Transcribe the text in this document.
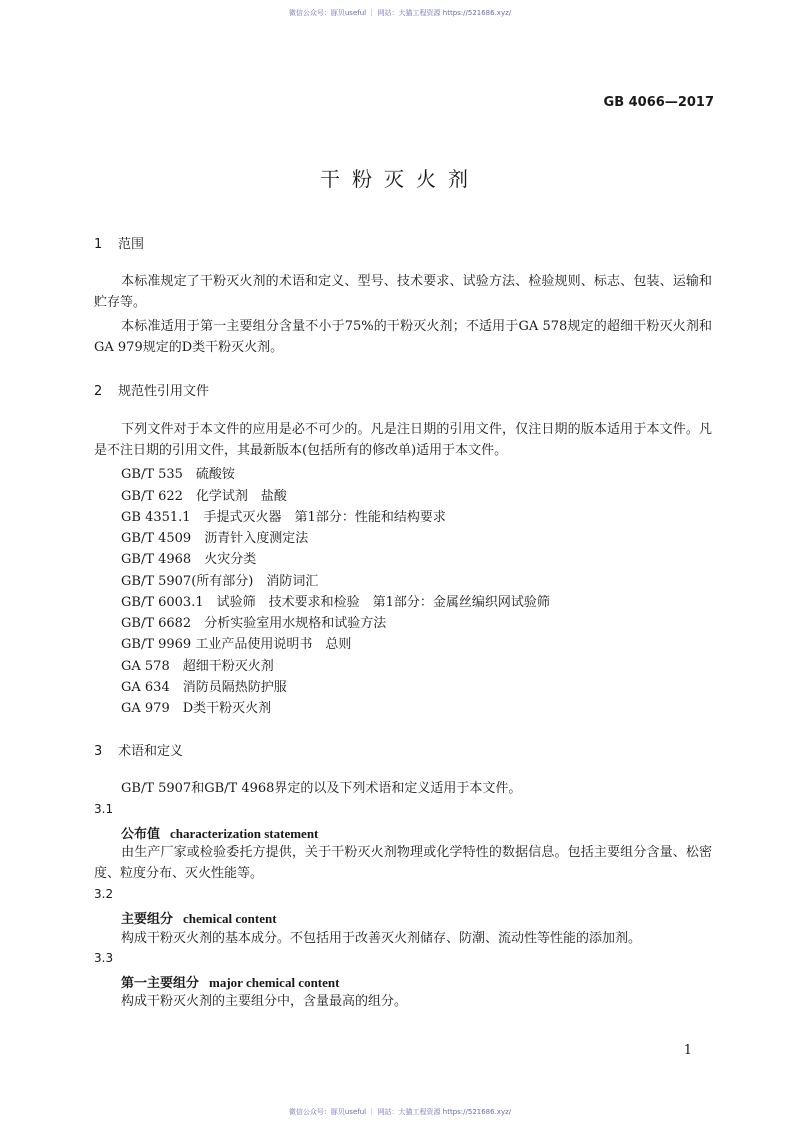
微信公众号：豚贝useful ｜ 网站：大猫工程资源 https://521686.xyz/
GB 4066—2017
干粉灭火剂
1 范围
本标准规定了干粉灭火剂的术语和定义、型号、技术要求、试验方法、检验规则、标志、包装、运输和贮存等。
本标准适用于第一主要组分含量不小于75%的干粉灭火剂；不适用于GA 578规定的超细干粉灭火剂和GA 979规定的D类干粉灭火剂。
2 规范性引用文件
下列文件对于本文件的应用是必不可少的。凡是注日期的引用文件，仅注日期的版本适用于本文件。凡是不注日期的引用文件，其最新版本(包括所有的修改单)适用于本文件。
GB/T 535　硫酸铵
GB/T 622　化学试剂　盐酸
GB 4351.1　手提式灭火器　第1部分：性能和结构要求
GB/T 4509　沥青针入度测定法
GB/T 4968　火灾分类
GB/T 5907(所有部分)　消防词汇
GB/T 6003.1　试验筛　技术要求和检验　第1部分：金属丝编织网试验筛
GB/T 6682　分析实验室用水规格和试验方法
GB/T 9969 工业产品使用说明书　总则
GA 578　超细干粉灭火剂
GA 634　消防员隔热防护服
GA 979　D类干粉灭火剂
3 术语和定义
GB/T 5907和GB/T 4968界定的以及下列术语和定义适用于本文件。
3.1
公布值 characterization statement
由生产厂家或检验委托方提供，关于干粉灭火剂物理或化学特性的数据信息。包括主要组分含量、松密度、粒度分布、灭火性能等。
3.2
主要组分 chemical content
构成干粉灭火剂的基本成分。不包括用于改善灭火剂储存、防潮、流动性等性能的添加剂。
3.3
第一主要组分 major chemical content
构成干粉灭火剂的主要组分中，含量最高的组分。
1
微信公众号：豚贝useful ｜ 网站：大猫工程资源 https://521686.xyz/
